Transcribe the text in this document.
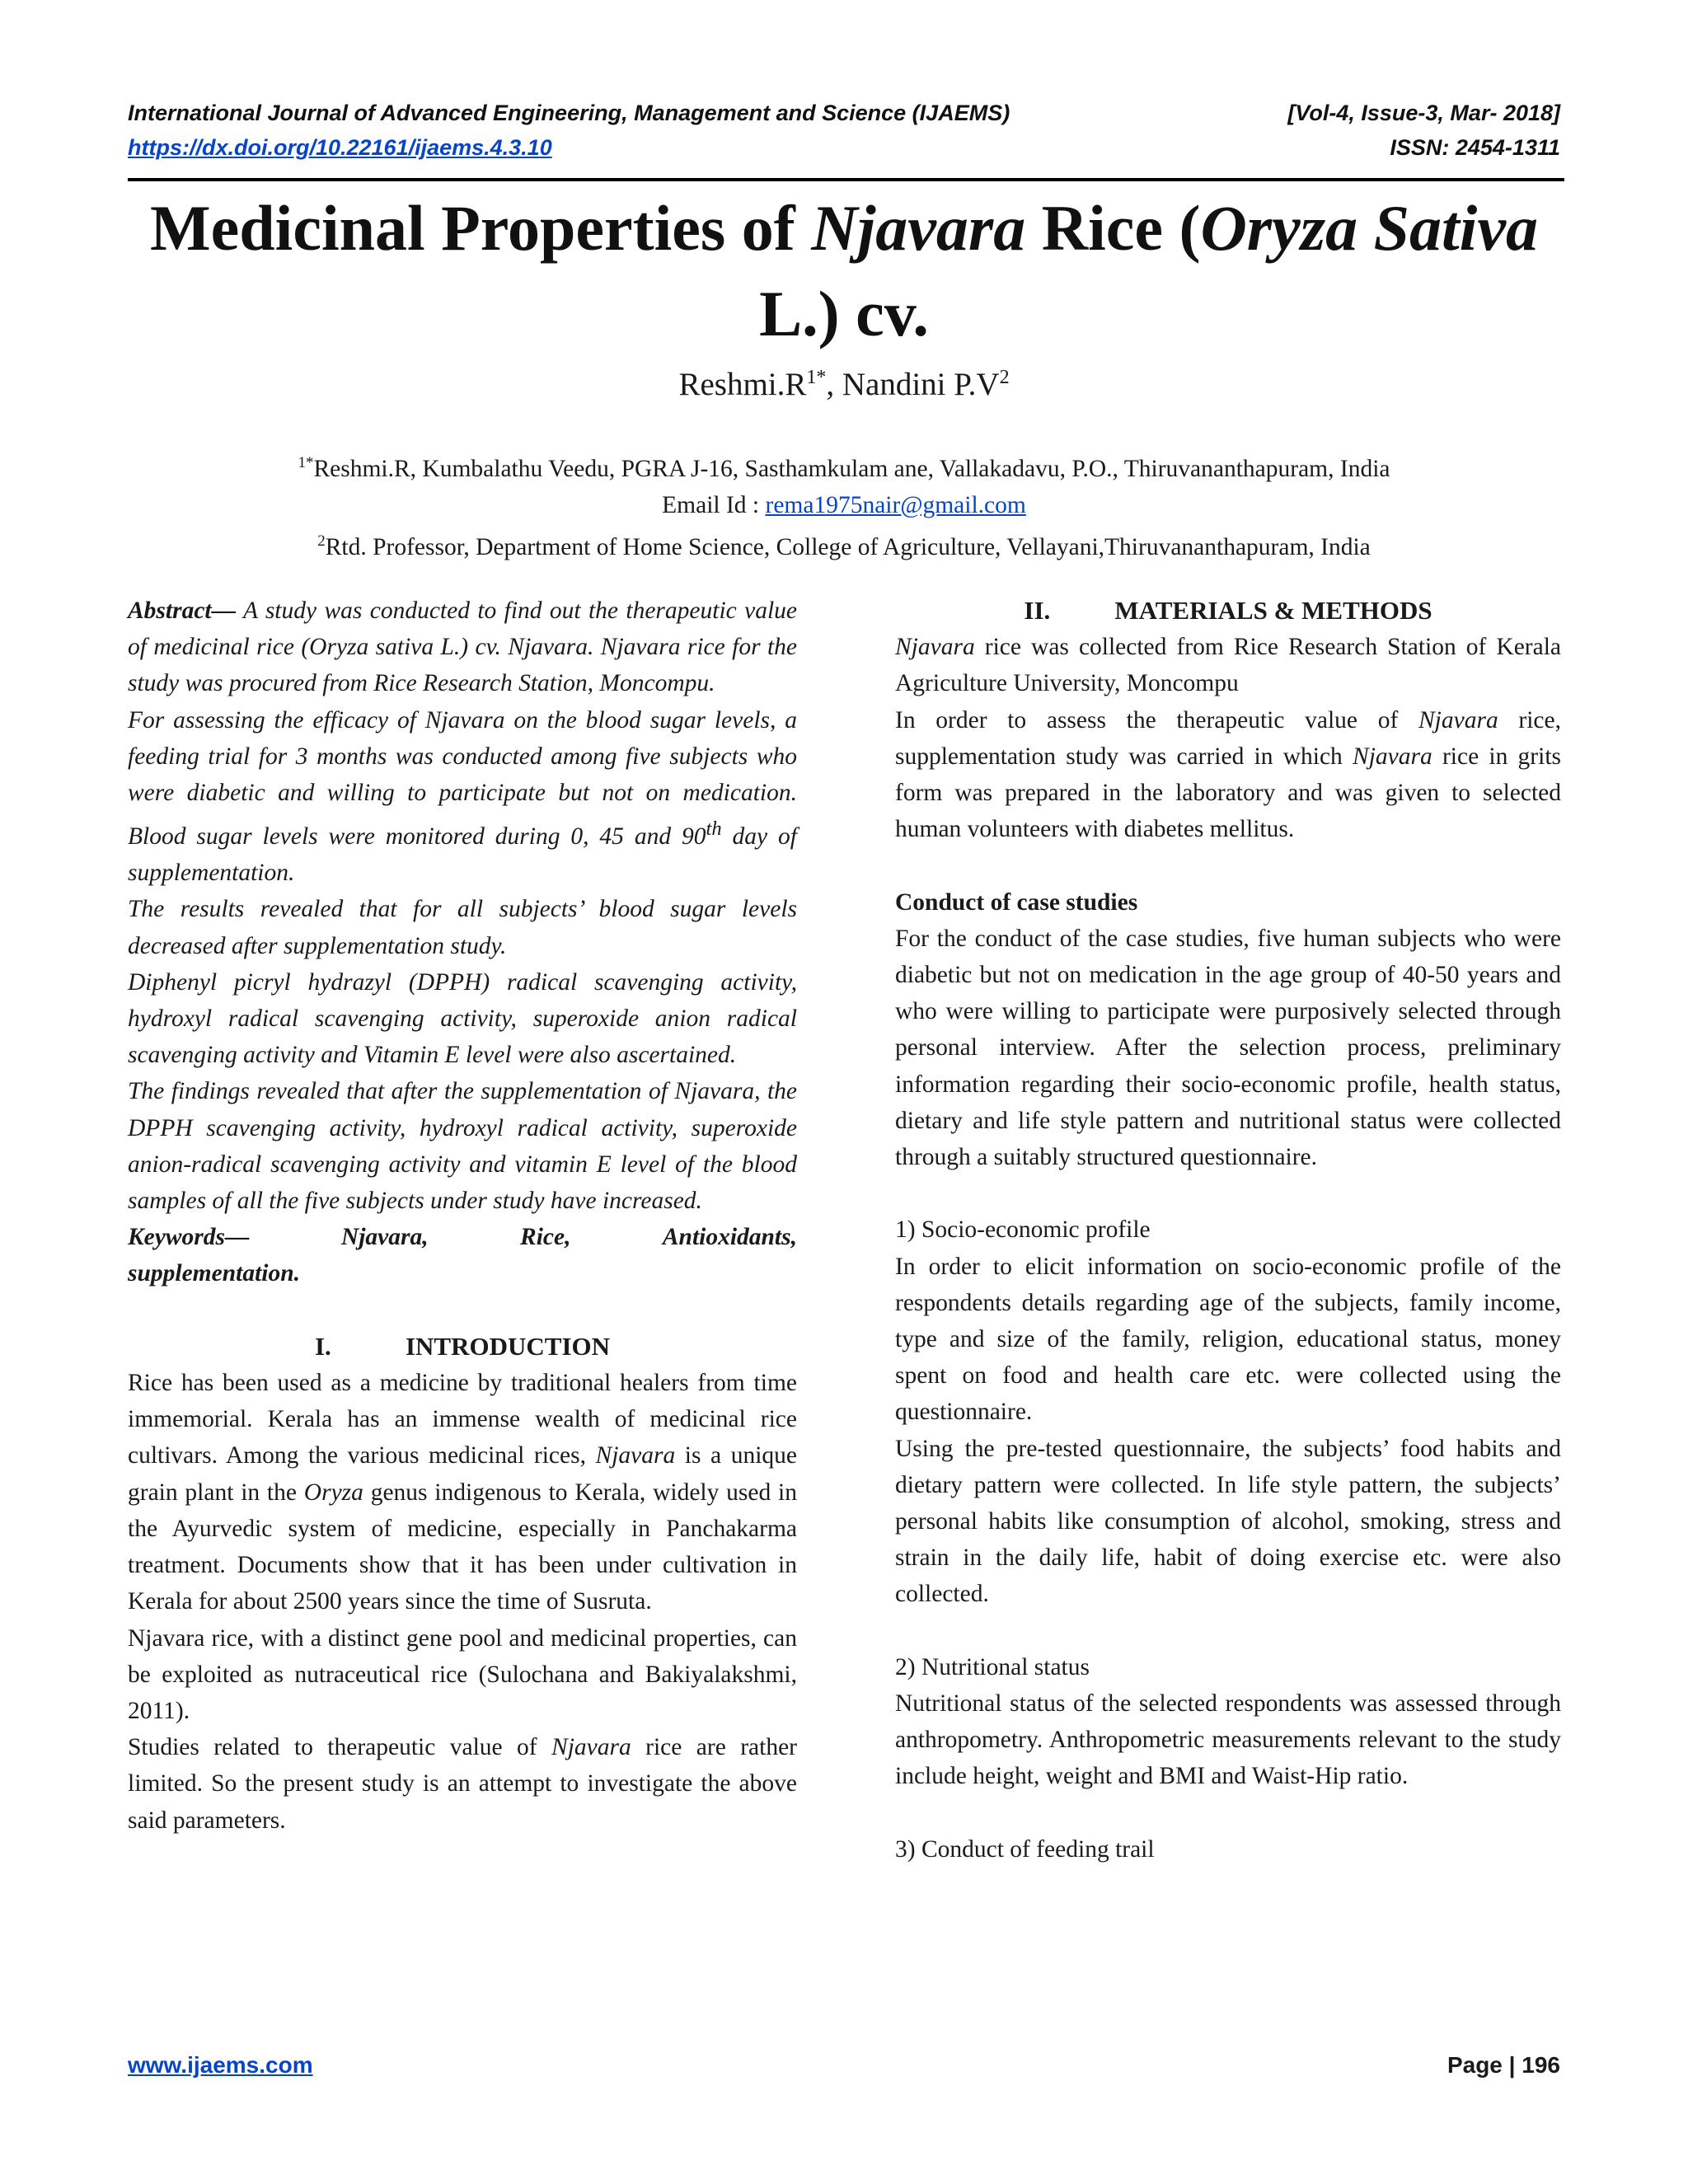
International Journal of Advanced Engineering, Management and Science (IJAEMS)	[Vol-4, Issue-3, Mar- 2018]
https://dx.doi.org/10.22161/ijaems.4.3.10	ISSN: 2454-1311
Medicinal Properties of Njavara Rice (Oryza Sativa
L.) cv.
$Reshmi.R^{1*}$, Nandini $P.V^2$
$^{1*}$Reshmi.R, Kumbalathu Veedu, PGRA J-16, Sasthamkulam ane, Vallakadavu, P.O., Thiruvananthapuram, India
Email Id : rema1975nair@gmail.com
$^2$Rtd. Professor, Department of Home Science, College of Agriculture, Vellayani,Thiruvananthapuram, India

Abstract— A study was conducted to find out the therapeutic value of medicinal rice (Oryza sativa L.) cv. Njavara. Njavara rice for the study was procured from Rice Research Station, Moncompu.

For assessing the efficacy of Njavara on the blood sugar levels, a feeding trial for 3 months was conducted among five subjects who were diabetic and willing to participate but not on medication. Blood sugar levels were monitored during 0, 45 and 90th day of supplementation.

The results revealed that for all subjects’ blood sugar levels decreased after supplementation study.

Diphenyl picryl hydrazyl (DPPH) radical scavenging activity, hydroxyl radical scavenging activity, superoxide anion radical scavenging activity and Vitamin E level were also ascertained.

The findings revealed that after the supplementation of Njavara, the DPPH scavenging activity, hydroxyl radical activity, superoxide anion-radical scavenging activity and vitamin E level of the blood samples of all the five subjects under study have increased.

Keywords—	Njavara,	Rice,	Antioxidants,

supplementation.

I.	INTRODUCTION

Rice has been used as a medicine by traditional healers from time immemorial. Kerala has an immense wealth of medicinal rice cultivars. Among the various medicinal rices, Njavara is a unique grain plant in the Oryza genus indigenous to Kerala, widely used in the Ayurvedic system of medicine, especially in Panchakarma treatment. Documents show that it has been under cultivation in Kerala for about 2500 years since the time of Susruta.

Njavara rice, with a distinct gene pool and medicinal properties, can be exploited as nutraceutical rice (Sulochana and Bakiyalakshmi, 2011).

Studies related to therapeutic value of Njavara rice are rather limited. So the present study is an attempt to investigate the above said parameters.

II.	MATERIALS & METHODS

Njavara rice was collected from Rice Research Station of Kerala Agriculture University, Moncompu

In order to assess the therapeutic value of Njavara rice, supplementation study was carried in which Njavara rice in grits form was prepared in the laboratory and was given to selected human volunteers with diabetes mellitus.

Conduct of case studies

For the conduct of the case studies, five human subjects who were diabetic but not on medication in the age group of 40-50 years and who were willing to participate were purposively selected through personal interview. After the selection process, preliminary information regarding their socio-economic profile, health status, dietary and life style pattern and nutritional status were collected through a suitably structured questionnaire.

1) Socio-economic profile

In order to elicit information on socio-economic profile of the respondents details regarding age of the subjects, family income, type and size of the family, religion, educational status, money spent on food and health care etc. were collected using the questionnaire.

Using the pre-tested questionnaire, the subjects’ food habits and dietary pattern were collected. In life style pattern, the subjects’ personal habits like consumption of alcohol, smoking, stress and strain in the daily life, habit of doing exercise etc. were also collected.

2) Nutritional status

Nutritional status of the selected respondents was assessed through anthropometry. Anthropometric measurements relevant to the study include height, weight and BMI and Waist-Hip ratio.

3) Conduct of feeding trail

www.ijaems.com	Page | 196
